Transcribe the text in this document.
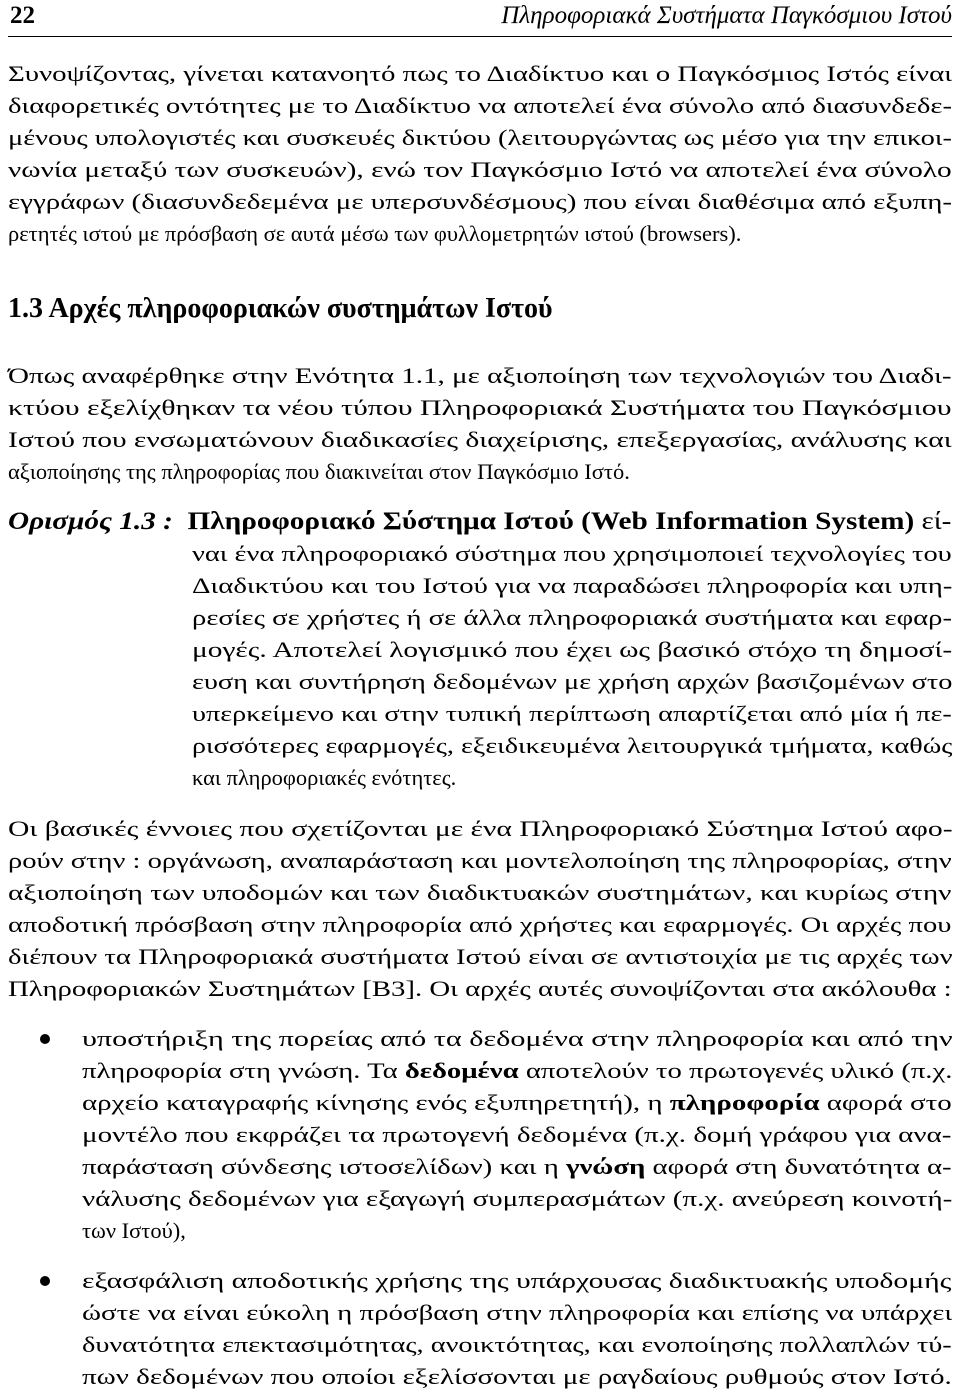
22	Πληροφοριακά Συστήματα Παγκόσμιου Ιστού
Συνοψίζοντας, γίνεται κατανοητό πως το Διαδίκτυο και ο Παγκόσμιος Ιστός είναι
διαφορετικές οντότητες με το Διαδίκτυο να αποτελεί ένα σύνολο από διασυνδεδε-
μένους υπολογιστές και συσκευές δικτύου (λειτουργώντας ως μέσο για την επικοι-
νωνία μεταξύ των συσκευών), ενώ τον Παγκόσμιο Ιστό να αποτελεί ένα σύνολο
εγγράφων (διασυνδεδεμένα με υπερσυνδέσμους) που είναι διαθέσιμα από εξυπη-
ρετητές ιστού με πρόσβαση σε αυτά μέσω των φυλλομετρητών ιστού (browsers).
1.3 Αρχές πληροφοριακών συστημάτων Ιστού
Όπως αναφέρθηκε στην Ενότητα 1.1, με αξιοποίηση των τεχνολογιών του Διαδι-
κτύου εξελίχθηκαν τα νέου τύπου Πληροφοριακά Συστήματα του Παγκόσμιου
Ιστού που ενσωματώνουν διαδικασίες διαχείρισης, επεξεργασίας, ανάλυσης και
αξιοποίησης της πληροφορίας που διακινείται στον Παγκόσμιο Ιστό.
Ορισμός 1.3 : Πληροφοριακό Σύστημα Ιστού (Web Information System) εί-
ναι ένα πληροφοριακό σύστημα που χρησιμοποιεί τεχνολογίες του
Διαδικτύου και του Ιστού για να παραδώσει πληροφορία και υπη-
ρεσίες σε χρήστες ή σε άλλα πληροφοριακά συστήματα και εφαρ-
μογές. Αποτελεί λογισμικό που έχει ως βασικό στόχο τη δημοσί-
ευση και συντήρηση δεδομένων με χρήση αρχών βασιζομένων στο
υπερκείμενο και στην τυπική περίπτωση απαρτίζεται από μία ή πε-
ρισσότερες εφαρμογές, εξειδικευμένα λειτουργικά τμήματα, καθώς
και πληροφοριακές ενότητες.
Οι βασικές έννοιες που σχετίζονται με ένα Πληροφοριακό Σύστημα Ιστού αφο-
ρούν στην : οργάνωση, αναπαράσταση και μοντελοποίηση της πληροφορίας, στην
αξιοποίηση των υποδομών και των διαδικτυακών συστημάτων, και κυρίως στην
αποδοτική πρόσβαση στην πληροφορία από χρήστες και εφαρμογές. Οι αρχές που
διέπουν τα Πληροφοριακά συστήματα Ιστού είναι σε αντιστοιχία με τις αρχές των
Πληροφοριακών Συστημάτων [Β3]. Οι αρχές αυτές συνοψίζονται στα ακόλουθα :
υποστήριξη της πορείας από τα δεδομένα στην πληροφορία και από την
πληροφορία στη γνώση. Τα δεδομένα αποτελούν το πρωτογενές υλικό (π.χ.
αρχείο καταγραφής κίνησης ενός εξυπηρετητή), η πληροφορία αφορά στο
μοντέλο που εκφράζει τα πρωτογενή δεδομένα (π.χ. δομή γράφου για ανα-
παράσταση σύνδεσης ιστοσελίδων) και η γνώση αφορά στη δυνατότητα α-
νάλυσης δεδομένων για εξαγωγή συμπερασμάτων (π.χ. ανεύρεση κοινοτή-
των Ιστού),
εξασφάλιση αποδοτικής χρήσης της υπάρχουσας διαδικτυακής υποδομής
ώστε να είναι εύκολη η πρόσβαση στην πληροφορία και επίσης να υπάρχει
δυνατότητα επεκτασιμότητας, ανοικτότητας, και ενοποίησης πολλαπλών τύ-
πων δεδομένων που οποίοι εξελίσσονται με ραγδαίους ρυθμούς στον Ιστό.
